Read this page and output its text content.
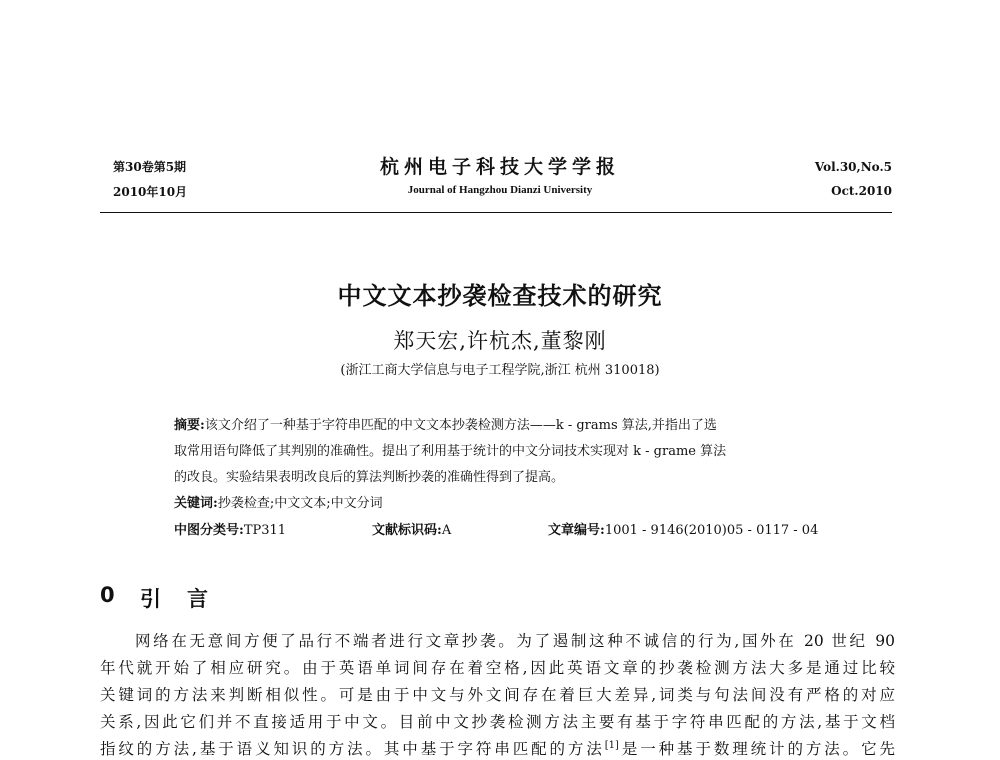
第30卷第5期
2010年10月
杭州电子科技大学学报
Journal of Hangzhou Dianzi University
Vol.30,No.5
Oct.2010
中文文本抄袭检查技术的研究
郑天宏,许杭杰,董黎刚
(浙江工商大学信息与电子工程学院,浙江 杭州 310018)
摘要:该文介绍了一种基于字符串匹配的中文文本抄袭检测方法——k - grams 算法,并指出了选
取常用语句降低了其判别的准确性。提出了利用基于统计的中文分词技术实现对 k - grame 算法
的改良。实验结果表明改良后的算法判断抄袭的准确性得到了提高。
关键词:抄袭检查;中文文本;中文分词
中图分类号:TP311	文献标识码:A	文章编号:1001 - 9146(2010)05 - 0117 - 04
0 引言
网络在无意间方便了品行不端者进行文章抄袭。为了遏制这种不诚信的行为,国外在 20 世纪 90
年代就开始了相应研究。由于英语单词间存在着空格,因此英语文章的抄袭检测方法大多是通过比较
关键词的方法来判断相似性。可是由于中文与外文间存在着巨大差异,词类与句法间没有严格的对应
关系,因此它们并不直接适用于中文。目前中文抄袭检测方法主要有基于字符串匹配的方法,基于文档
指纹的方法,基于语义知识的方法。其中基于字符串匹配的方法[1]是一种基于数理统计的方法。它先
